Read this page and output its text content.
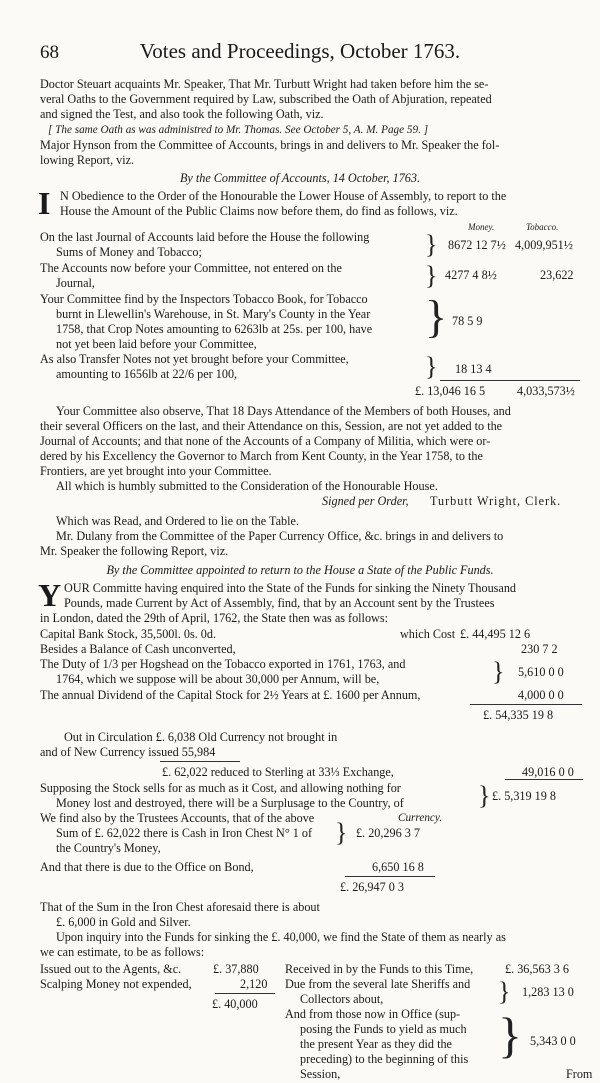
68	Votes and Proceedings, October 1763.
Doctor Steuart acquaints Mr. Speaker, That Mr. Turbutt Wright had taken before him the se-
veral Oaths to the Government required by Law, subscribed the Oath of Abjuration, repeated
and signed the Test, and also took the following Oath, viz.
[ The same Oath as was administred to Mr. Thomas. See October 5, A. M. Page 59. ]
Major Hynson from the Committee of Accounts, brings in and delivers to Mr. Speaker the fol-
lowing Report, viz.
By the Committee of Accounts, 14 October, 1763.
I N Obedience to the Order of the Honourable the Lower House of Assembly, to report to the
House the Amount of the Public Claims now before them, do find as follows, viz.
Money.	Tobacco.
On the last Journal of Accounts laid before the House the following
Sums of Money and Tobacco;	} 8672 12 7½ 4,009,951½
The Accounts now before your Committee, not entered on the
Journal,	} 4277 4 8½	23,622
Your Committee find by the Inspectors Tobacco Book, for Tobacco
burnt in Llewellin's Warehouse, in St. Mary's County in the Year
1758, that Crop Notes amounting to 6263lb at 25s. per 100, have
not yet been laid before your Committee,
} 78 5 9
As also Transfer Notes not yet brought before your Committee,
amounting to 1656lb at 22/6 per 100,	} 18 13 4
£. 13,046 16 5	4,033,573½
Your Committee also observe, That 18 Days Attendance of the Members of both Houses, and
their several Officers on the last, and their Attendance on this, Session, are not yet added to the
Journal of Accounts; and that none of the Accounts of a Company of Militia, which were or-
dered by his Excellency the Governor to March from Kent County, in the Year 1758, to the
Frontiers, are yet brought into your Committee.
All which is humbly submitted to the Consideration of the Honourable House.
Signed per Order, Turbutt Wright, Clerk.
Which was Read, and Ordered to lie on the Table.
Mr. Dulany from the Committee of the Paper Currency Office, &c. brings in and delivers to
Mr. Speaker the following Report, viz.
By the Committee appointed to return to the House a State of the Public Funds.
Y OUR Committe having enquired into the State of the Funds for sinking the Ninety Thousand
Pounds, made Current by Act of Assembly, find, that by an Account sent by the Trustees
in London, dated the 29th of April, 1762, the State then was as follows:
Capital Bank Stock, 35,500l. 0s. 0d.	which Cost £. 44,495 12 6
Besides a Balance of Cash unconverted,	230 7 2
The Duty of 1/3 per Hogshead on the Tobacco exported in 1761, 1763, and
1764, which we suppose will be about 30,000 per Annum, will be,	} 5,610 0 0
The annual Dividend of the Capital Stock for 2½ Years at £. 1600 per Annum,	4,000 0 0
£. 54,335 19 8
Out in Circulation £. 6,038 Old Currency not brought in
and of New Currency issued 55,984
£. 62,022 reduced to Sterling at 33⅓ Exchange,	49,016 0 0
Supposing the Stock sells for as much as it Cost, and allowing nothing for
Money lost and destroyed, there will be a Surplusage to the Country, of	} £. 5,319 19 8
We find also by the Trustees Accounts, that of the above	Currency.
Sum of £. 62,022 there is Cash in Iron Chest N° 1 of
the Country's Money,
} £. 20,296 3 7
And that there is due to the Office on Bond,	6,650 16 8
£. 26,947 0 3
That of the Sum in the Iron Chest aforesaid there is about
£. 6,000 in Gold and Silver.
Upon inquiry into the Funds for sinking the £. 40,000, we find the State of them as nearly as
we can estimate, to be as follows:
Issued out to the Agents, &c.	£. 37,880
Scalping Money not expended,	2,120
£. 40,000
Received in by the Funds to this Time,	£. 36,563 3 6
Due from the several late Sheriffs and
Collectors about,	} 1,283 13 0
And from those now in Office (sup-
posing the Funds to yield as much
the present Year as they did the
preceding) to the beginning of this
Session,
} 5,343 0 0
From
